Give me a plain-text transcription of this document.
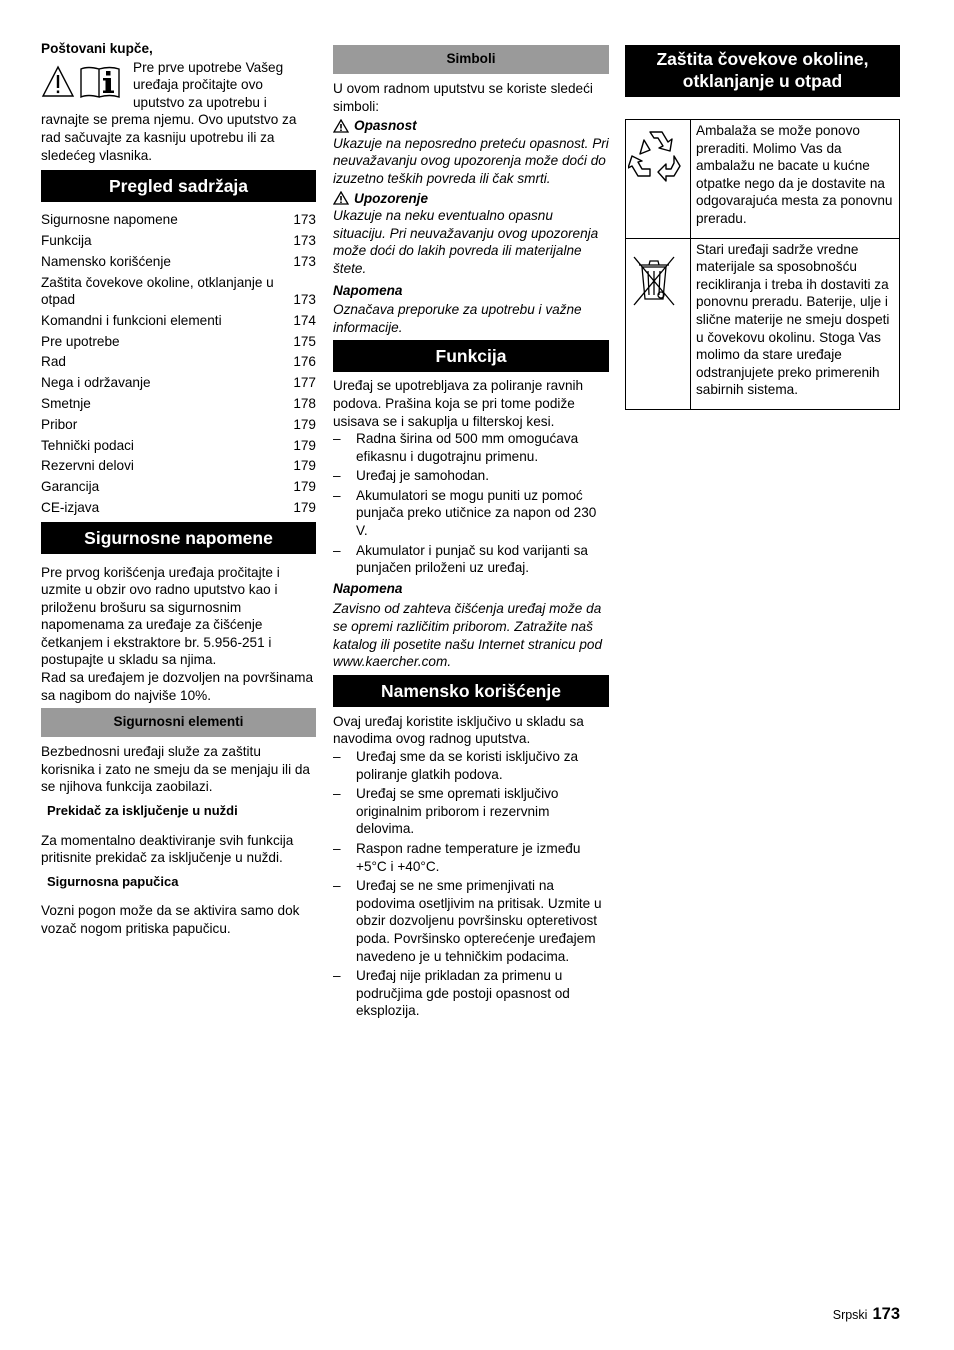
Poštovani kupče,

Pre prve upotrebe Vašeg

uređaja pročitajte ovo

uputstvo za upotrebu i

ravnajte se prema njemu. Ovo uputstvo za rad sačuvajte za kasniju upotrebu ili za sledećeg vlasnika.

Pregled sadržaja
Sigurnosne napomene	173
Funkcija	173
Namensko korišćenje	173
Zaštita čovekove okoline, otklanjanje u otpad	173
Komandni i funkcioni elementi	174
Pre upotrebe	175
Rad	176
Nega i održavanje	177
Smetnje	178
Pribor	179
Tehnički podaci	179
Rezervni delovi	179
Garancija	179
CE-izjava	179
Sigurnosne napomene

Pre prvog korišćenja uređaja pročitajte i uzmite u obzir ovo radno uputstvo kao i priloženu brošuru sa sigurnosnim napomenama za uređaje za čišćenje četkanjem i ekstraktore br. 5.956-251 i postupajte u skladu sa njima.

Rad sa uređajem je dozvoljen na površinama sa nagibom do najviše 10%.

Sigurnosni elementi

Bezbednosni uređaji služe za zaštitu korisnika i zato ne smeju da se menjaju ili da se njihova funkcija zaobilazi.

Prekidač za isključenje u nuždi

Za momentalno deaktiviranje svih funkcija pritisnite prekidač za isključenje u nuždi.

Sigurnosna papučica

Vozni pogon može da se aktivira samo dok vozač nogom pritiska papučicu.

Simboli

U ovom radnom uputstvu se koriste sledeći simboli:

Opasnost

Ukazuje na neposredno preteću opasnost. Pri neuvažavanju ovog upozorenja može doći do izuzetno teških povreda ili čak smrti.

Upozorenje

Ukazuje na neku eventualno opasnu situaciju. Pri neuvažavanju ovog upozorenja može doći do lakih povreda ili materijalne štete.

Napomena

Označava preporuke za upotrebu i važne informacije.

Funkcija

Uređaj se upotrebljava za poliranje ravnih podova. Prašina koja se pri tome podiže usisava se i sakuplja u filterskoj kesi.

–	Radna širina od 500 mm omogućava efikasnu i dugotrajnu primenu.
–	Uređaj je samohodan.
–	Akumulatori se mogu puniti uz pomoć punjača preko utičnice za napon od 230 V.
–	Akumulator i punjač su kod varijanti sa punjačen priloženi uz uređaj.

Napomena

Zavisno od zahteva čišćenja uređaj može da se opremi različitim priborom. Zatražite naš katalog ili posetite našu Internet stranicu pod www.kaercher.com.

Namensko korišćenje

Ovaj uređaj koristite isključivo u skladu sa navodima ovog radnog uputstva.

–	Uređaj sme da se koristi isključivo za poliranje glatkih podova.
–	Uređaj se sme opremati isključivo originalnim priborom i rezervnim delovima.
–	Raspon radne temperature je između +5°C i +40°C.
–	Uređaj se ne sme primenjivati na podovima osetljivim na pritisak. Uzmite u obzir dozvoljenu površinsku opteretivost poda. Površinsko opterećenje uređajem navedeno je u tehničkim podacima.
–	Uređaj nije prikladan za primenu u područjima gde postoji opasnost od eksplozija.
Zaštita čovekove okoline, otklanjanje u otpad
	Ambalaža se može ponovo preraditi. Molimo Vas da ambalažu ne bacate u kućne otpatke nego da je dostavite na odgovarajuća mesta za ponovnu preradu.
	Stari uređaji sadrže vredne materijale sa sposobnošću recikliranja i treba ih dostaviti za ponovnu preradu. Baterije, ulje i slične materije ne smeju dospeti u čovekovu okolinu. Stoga Vas molimo da stare uređaje odstranjujete preko primerenih sabirnih sistema.
Srpski 173
